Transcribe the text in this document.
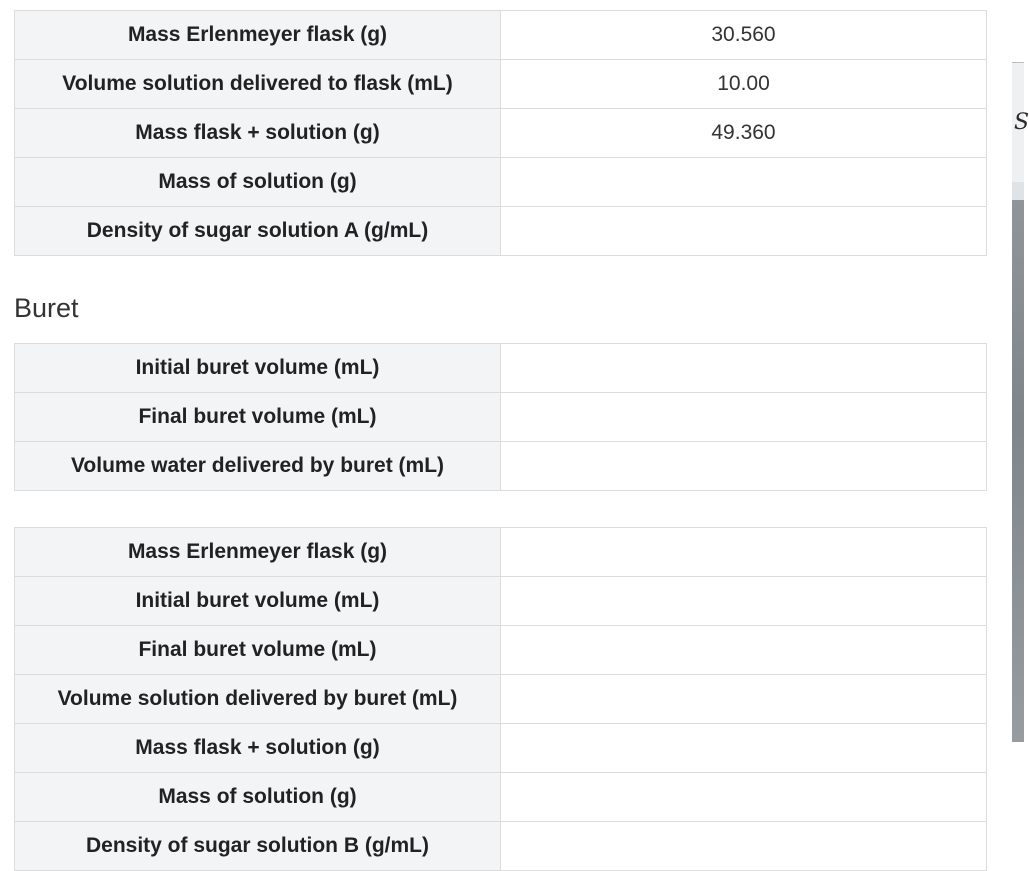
Mass Erlenmeyer flask (g)	30.560
Volume solution delivered to flask (mL)	10.00
Mass flask + solution (g)	49.360
Mass of solution (g)	
Density of sugar solution A (g/mL)	
Buret
Initial buret volume (mL)	
Final buret volume (mL)	
Volume water delivered by buret (mL)	
Mass Erlenmeyer flask (g)	
Initial buret volume (mL)	
Final buret volume (mL)	
Volume solution delivered by buret (mL)	
Mass flask + solution (g)	
Mass of solution (g)	
Density of sugar solution B (g/mL)	
S
